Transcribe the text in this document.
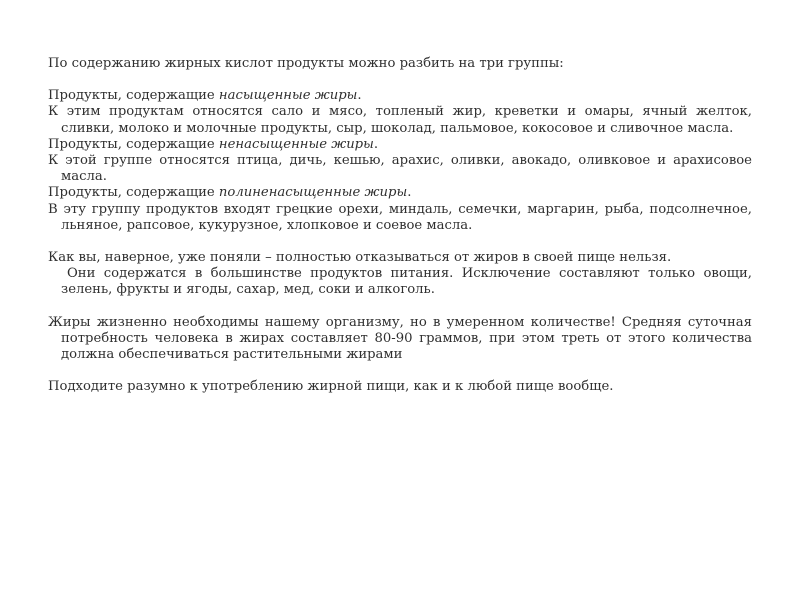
По содержанию жирных кислот продукты можно разбить на три группы:

Продукты, содержащие насыщенные жиры.

К этим продуктам относятся сало и мясо, топленый жир, креветки и омары, ячный желток, сливки, молоко и молочные продукты, сыр, шоколад, пальмовое, кокосовое и сливочное масла.

Продукты, содержащие ненасыщенные жиры.

К этой группе относятся птица, дичь, кешью, арахис, оливки, авокадо, оливковое и арахисовое масла.

Продукты, содержащие полиненасыщенные жиры.

В эту группу продуктов входят грецкие орехи, миндаль, семечки, маргарин, рыба, подсолнечное, льняное, рапсовое, кукурузное, хлопковое и соевое масла.

Как вы, наверное, уже поняли – полностью отказываться от жиров в своей пище нельзя.

Они содержатся в большинстве продуктов питания. Исключение составляют только овощи, зелень, фрукты и ягоды, сахар, мед, соки и алкоголь.

Жиры жизненно необходимы нашему организму, но в умеренном количестве! Средняя суточная потребность человека в жирах составляет 80-90 граммов, при этом треть от этого количества должна обеспечиваться растительными жирами

Подходите разумно к употреблению жирной пищи, как и к любой пище вообще.
